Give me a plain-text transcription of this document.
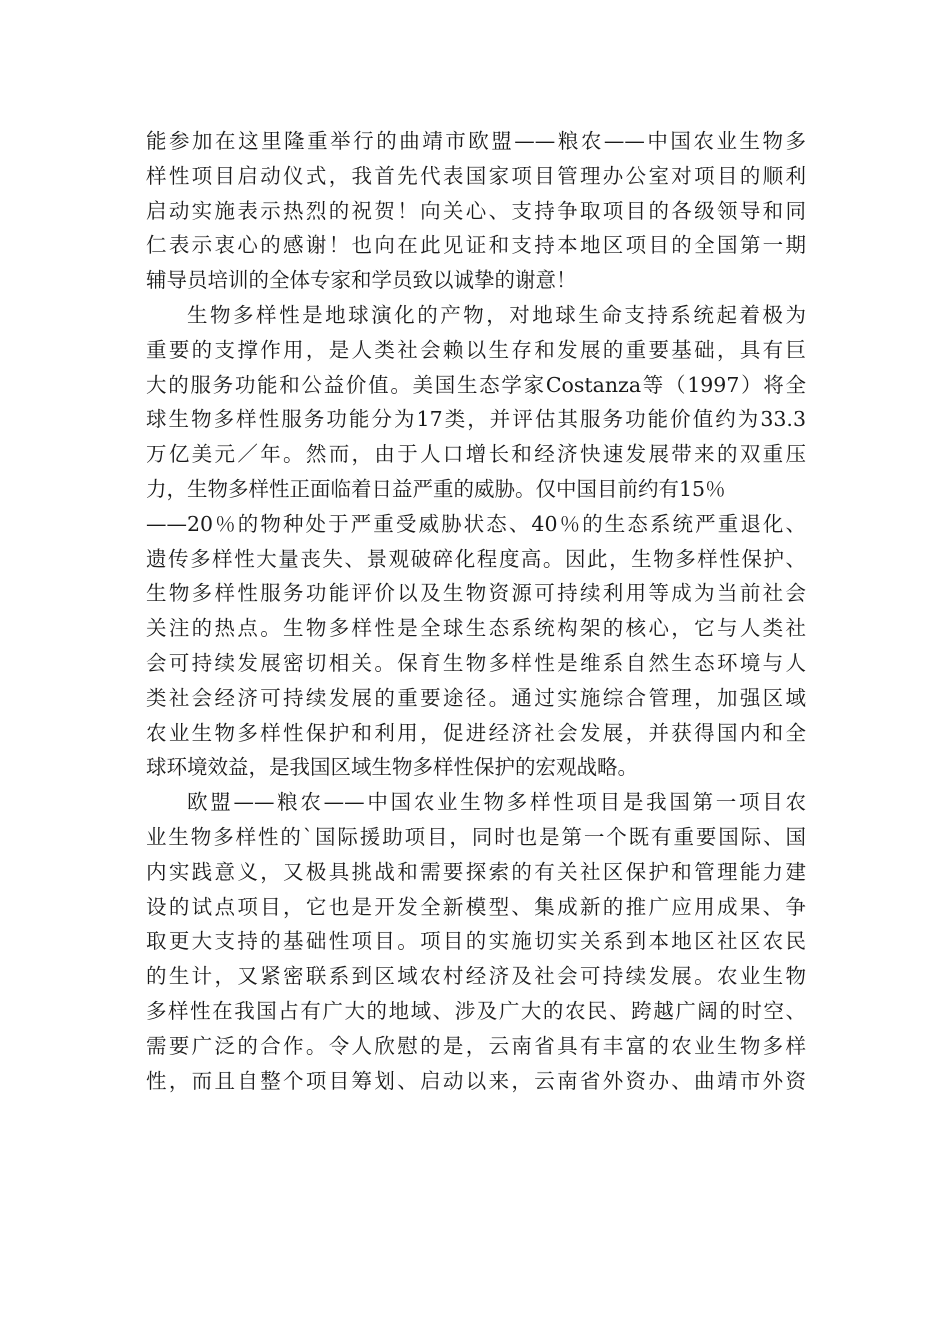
能参加在这里隆重举行的曲靖市欧盟——粮农——中国农业生物多
样性项目启动仪式，我首先代表国家项目管理办公室对项目的顺利
启动实施表示热烈的祝贺！向关心、支持争取项目的各级领导和同
仁表示衷心的感谢！也向在此见证和支持本地区项目的全国第一期
辅导员培训的全体专家和学员致以诚挚的谢意！
生物多样性是地球演化的产物，对地球生命支持系统起着极为
重要的支撑作用，是人类社会赖以生存和发展的重要基础，具有巨
大的服务功能和公益价值。美国生态学家Costanza等（1997）将全
球生物多样性服务功能分为17类，并评估其服务功能价值约为33.3
万亿美元／年。然而，由于人口增长和经济快速发展带来的双重压
力，生物多样性正面临着日益严重的威胁。仅中国目前约有15％
——20％的物种处于严重受威胁状态、40％的生态系统严重退化、
遗传多样性大量丧失、景观破碎化程度高。因此，生物多样性保护、
生物多样性服务功能评价以及生物资源可持续利用等成为当前社会
关注的热点。生物多样性是全球生态系统构架的核心，它与人类社
会可持续发展密切相关。保育生物多样性是维系自然生态环境与人
类社会经济可持续发展的重要途径。通过实施综合管理，加强区域
农业生物多样性保护和利用，促进经济社会发展，并获得国内和全
球环境效益，是我国区域生物多样性保护的宏观战略。
欧盟——粮农——中国农业生物多样性项目是我国第一项目农
业生物多样性的`国际援助项目，同时也是第一个既有重要国际、国
内实践意义，又极具挑战和需要探索的有关社区保护和管理能力建
设的试点项目，它也是开发全新模型、集成新的推广应用成果、争
取更大支持的基础性项目。项目的实施切实关系到本地区社区农民
的生计，又紧密联系到区域农村经济及社会可持续发展。农业生物
多样性在我国占有广大的地域、涉及广大的农民、跨越广阔的时空、
需要广泛的合作。令人欣慰的是，云南省具有丰富的农业生物多样
性，而且自整个项目筹划、启动以来，云南省外资办、曲靖市外资
